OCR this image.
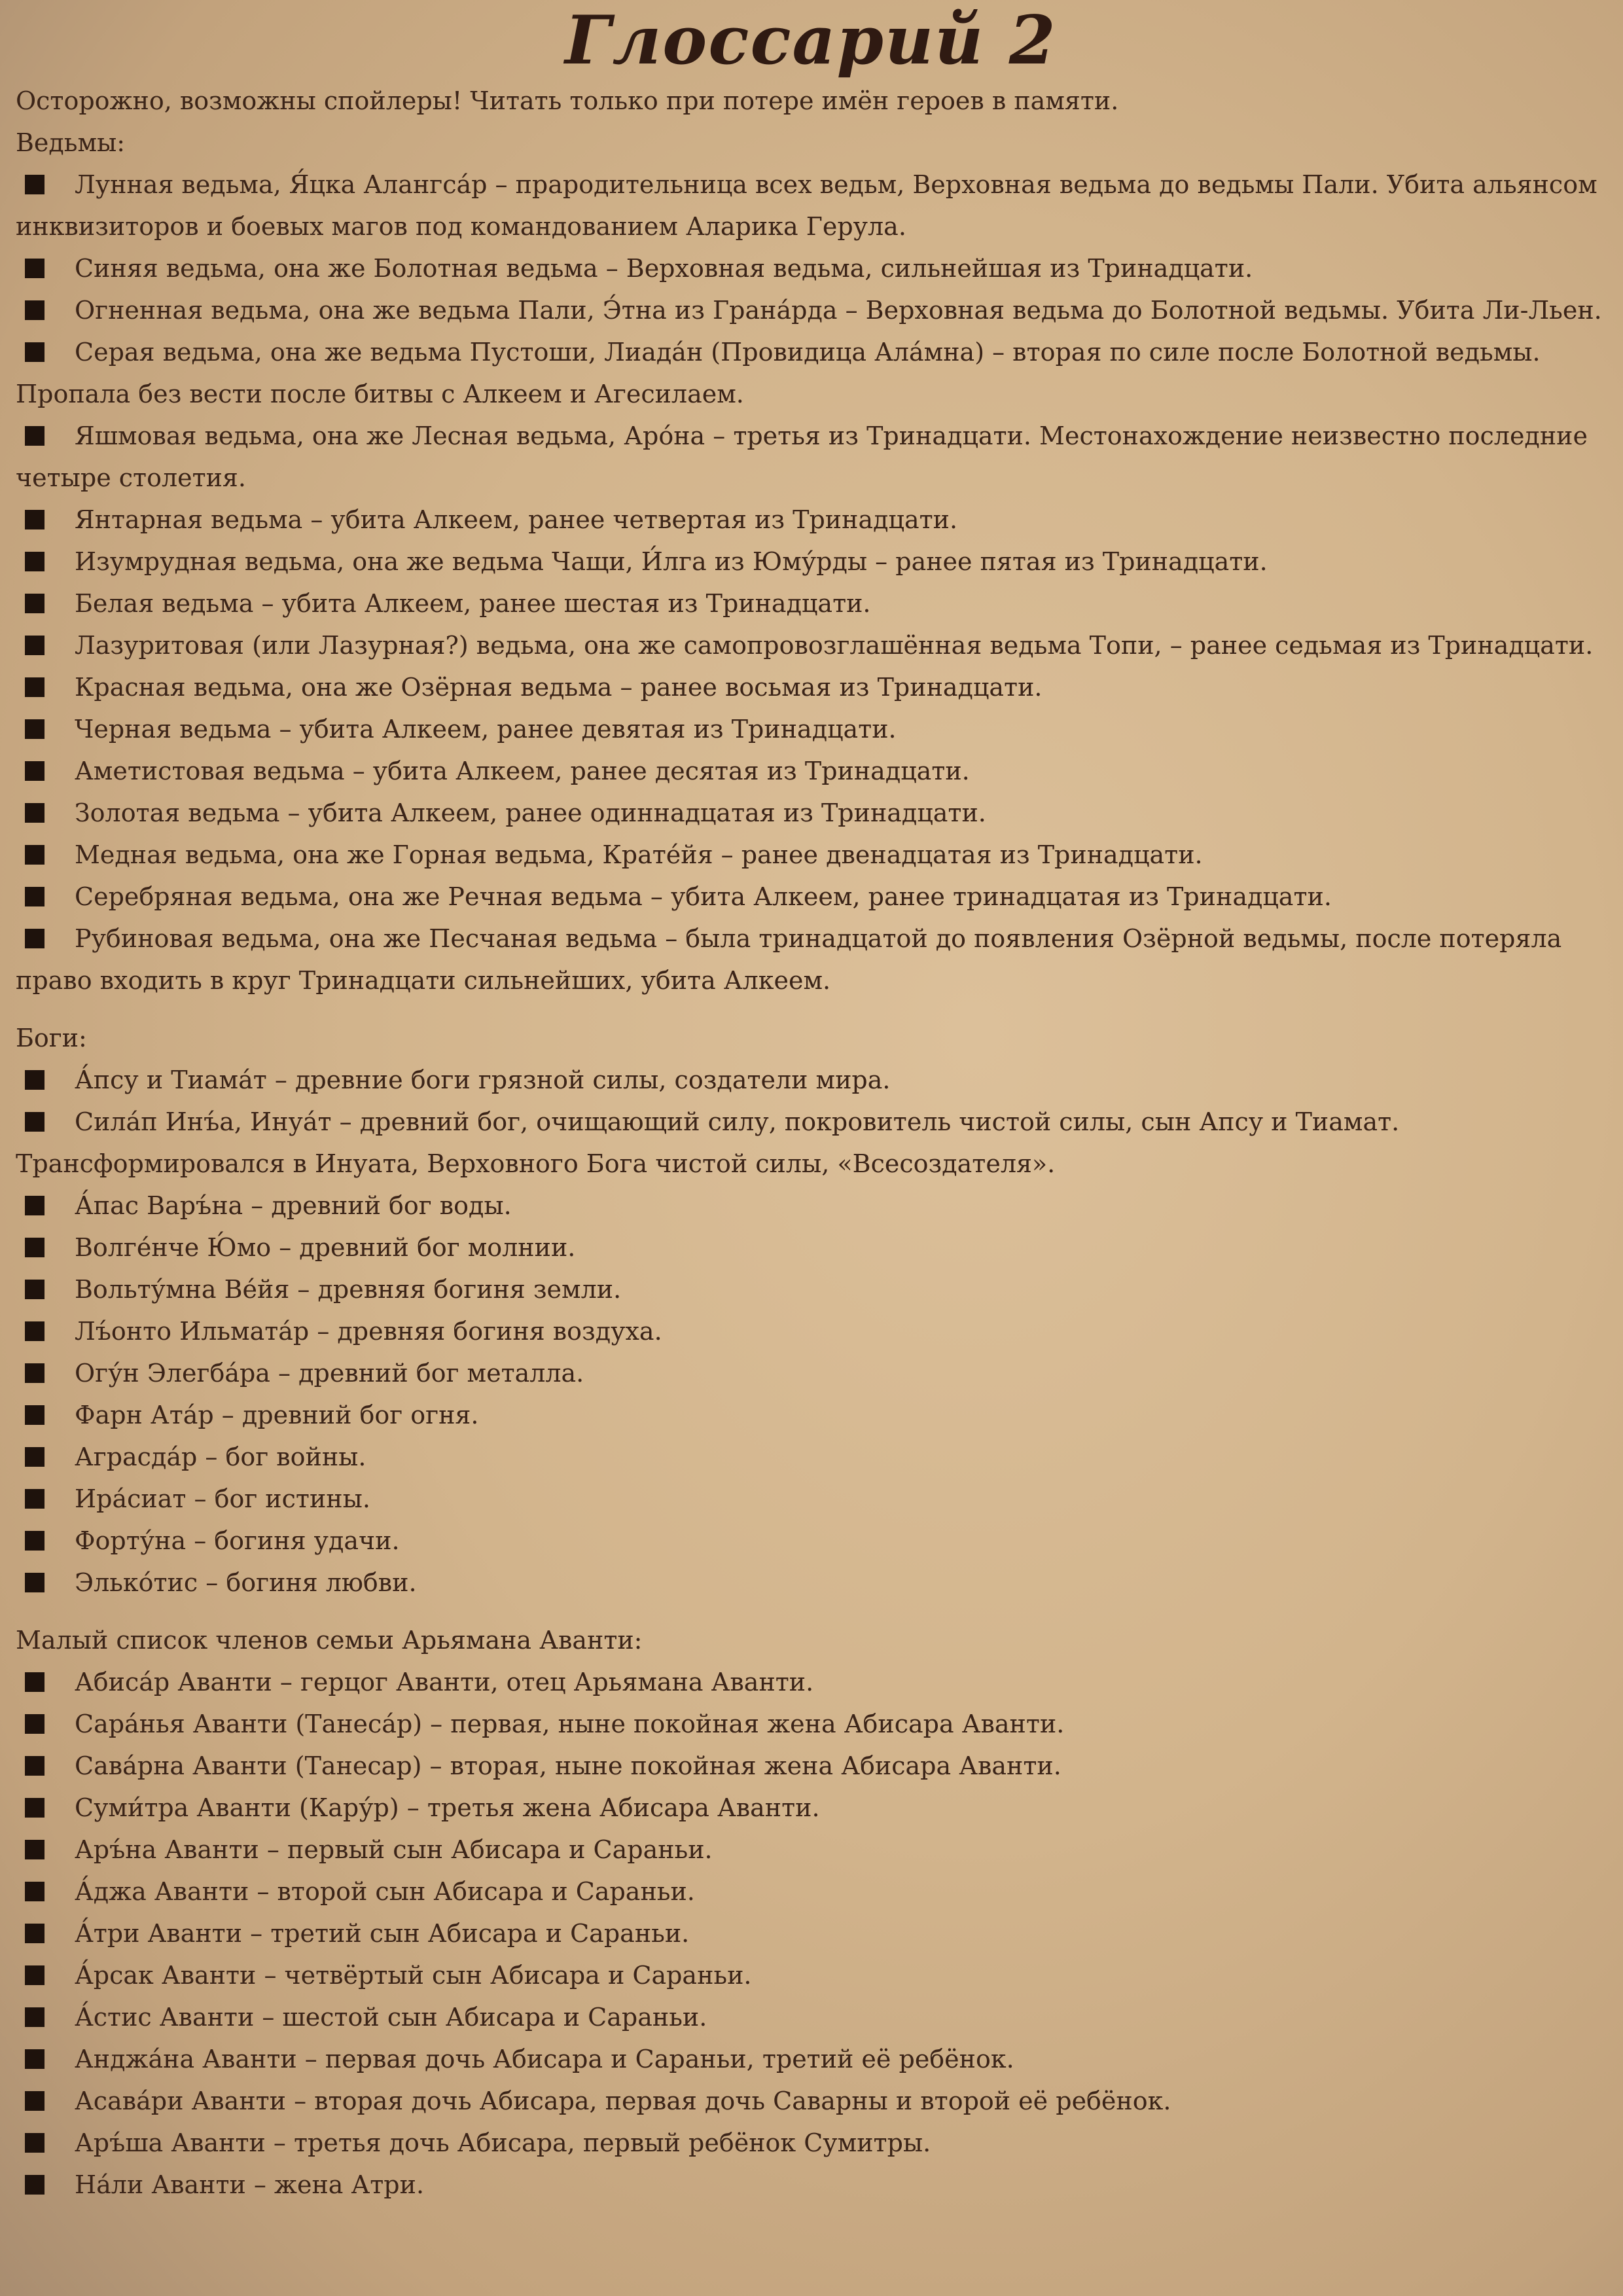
Глоссарий 2

Осторожно, возможны спойлеры! Читать только при потере имён героев в памяти.

Ведьмы:

Лунная ведьма, Я́цка Алангса́р – прародительница всех ведьм, Верховная ведьма до ведьмы Пали. Убита альянсом инквизиторов и боевых магов под командованием Аларика Герула.
Синяя ведьма, она же Болотная ведьма – Верховная ведьма, сильнейшая из Тринадцати.
Огненная ведьма, она же ведьма Пали, Э́тна из Грана́рда – Верховная ведьма до Болотной ведьмы. Убита Ли-Льен.
Серая ведьма, она же ведьма Пустоши, Лиада́н (Провидица Ала́мна) – вторая по силе после Болотной ведьмы. Пропала без вести после битвы с Алкеем и Агесилаем.
Яшмовая ведьма, она же Лесная ведьма, Аро́на – третья из Тринадцати. Местонахождение неизвестно последние четыре столетия.
Янтарная ведьма – убита Алкеем, ранее четвертая из Тринадцати.
Изумрудная ведьма, она же ведьма Чащи, И́лга из Юму́рды – ранее пятая из Тринадцати.
Белая ведьма – убита Алкеем, ранее шестая из Тринадцати.
Лазуритовая (или Лазурная?) ведьма, она же самопровозглашённая ведьма Топи, – ранее седьмая из Тринадцати.
Красная ведьма, она же Озёрная ведьма – ранее восьмая из Тринадцати.
Черная ведьма – убита Алкеем, ранее девятая из Тринадцати.
Аметистовая ведьма – убита Алкеем, ранее десятая из Тринадцати.
Золотая ведьма – убита Алкеем, ранее одиннадцатая из Тринадцати.
Медная ведьма, она же Горная ведьма, Крате́йя – ранее двенадцатая из Тринадцати.
Серебряная ведьма, она же Речная ведьма – убита Алкеем, ранее тринадцатая из Тринадцати.
Рубиновая ведьма, она же Песчаная ведьма – была тринадцатой до появления Озёрной ведьмы, после потеряла право входить в круг Тринадцати сильнейших, убита Алкеем.

Боги:

А́псу и Тиама́т – древние боги грязной силы, создатели мира.
Сила́п Инъ́а, Инуа́т – древний бог, очищающий силу, покровитель чистой силы, сын Апсу и Тиамат. Трансформировался в Инуата, Верховного Бога чистой силы, «Всесоздателя».
А́пас Варъ́на – древний бог воды.
Волге́нче Ю́мо – древний бог молнии.
Вольту́мна Ве́йя – древняя богиня земли.
Лъ́онто Ильмата́р – древняя богиня воздуха.
Огу́н Элегба́ра – древний бог металла.
Фарн Ата́р – древний бог огня.
Аграсда́р – бог войны.
Ира́сиат – бог истины.
Форту́на – богиня удачи.
Элько́тис – богиня любви.

Малый список членов семьи Арьямана Аванти:

Абиса́р Аванти – герцог Аванти, отец Арьямана Аванти.
Сара́нья Аванти (Танеса́р) – первая, ныне покойная жена Абисара Аванти.
Сава́рна Аванти (Танесар) – вторая, ныне покойная жена Абисара Аванти.
Суми́тра Аванти (Кару́р) – третья жена Абисара Аванти.
Аръ́на Аванти – первый сын Абисара и Сараньи.
А́джа Аванти – второй сын Абисара и Сараньи.
А́три Аванти – третий сын Абисара и Сараньи.
А́рсак Аванти – четвёртый сын Абисара и Сараньи.
А́стис Аванти – шестой сын Абисара и Сараньи.
Анджа́на Аванти – первая дочь Абисара и Сараньи, третий её ребёнок.
Асава́ри Аванти – вторая дочь Абисара, первая дочь Саварны и второй её ребёнок.
Аръ́ша Аванти – третья дочь Абисара, первый ребёнок Сумитры.
На́ли Аванти – жена Атри.
